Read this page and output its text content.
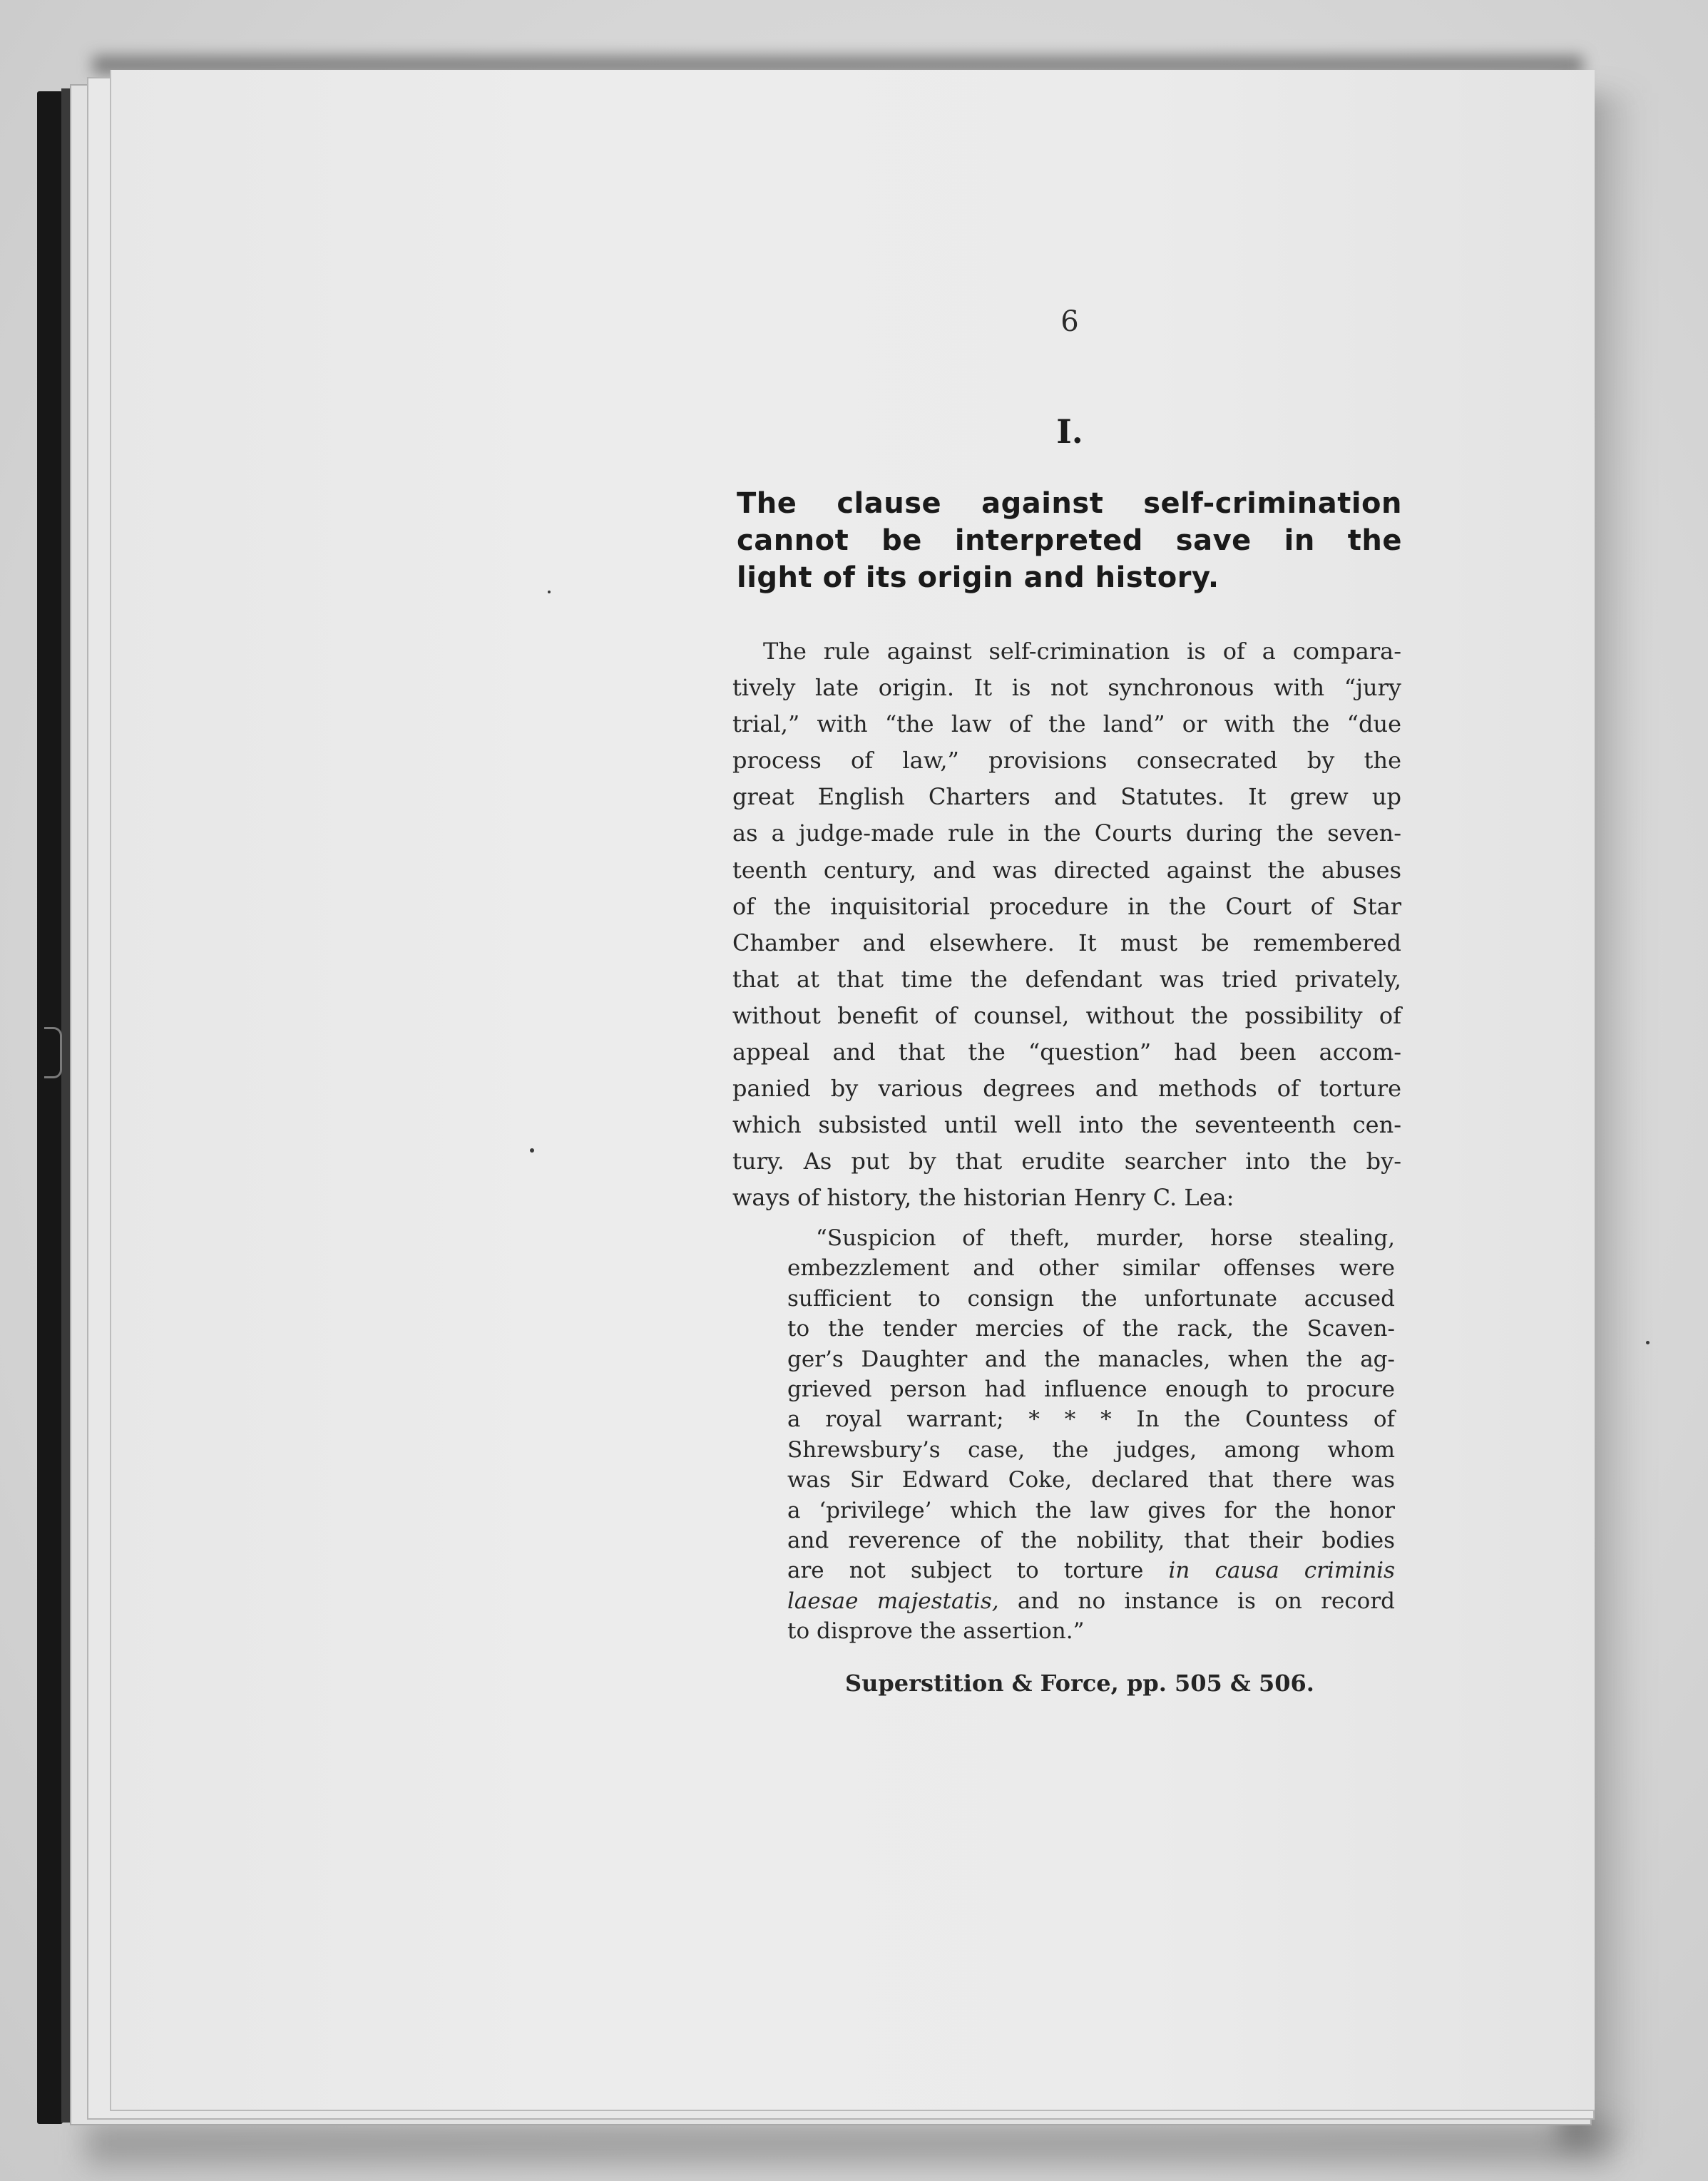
6
I.
The clause against self-crimination
cannot be interpreted save in the
light of its origin and history.
The rule against self-crimination is of a compara-
tively late origin. It is not synchronous with “jury
trial,” with “the law of the land” or with the “due
process of law,” provisions consecrated by the
great English Charters and Statutes. It grew up
as a judge-made rule in the Courts during the seven-
teenth century, and was directed against the abuses
of the inquisitorial procedure in the Court of Star
Chamber and elsewhere. It must be remembered
that at that time the defendant was tried privately,
without benefit of counsel, without the possibility of
appeal and that the “question” had been accom-
panied by various degrees and methods of torture
which subsisted until well into the seventeenth cen-
tury. As put by that erudite searcher into the by-
ways of history, the historian Henry C. Lea:
“Suspicion of theft, murder, horse stealing,
embezzlement and other similar offenses were
sufficient to consign the unfortunate accused
to the tender mercies of the rack, the Scaven-
ger’s Daughter and the manacles, when the ag-
grieved person had influence enough to procure
a royal warrant; * * * In the Countess of
Shrewsbury’s case, the judges, among whom
was Sir Edward Coke, declared that there was
a ‘privilege’ which the law gives for the honor
and reverence of the nobility, that their bodies
are not subject to torture in causa criminis
laesae majestatis, and no instance is on record
to disprove the assertion.”
Superstition & Force, pp. 505 & 506.
